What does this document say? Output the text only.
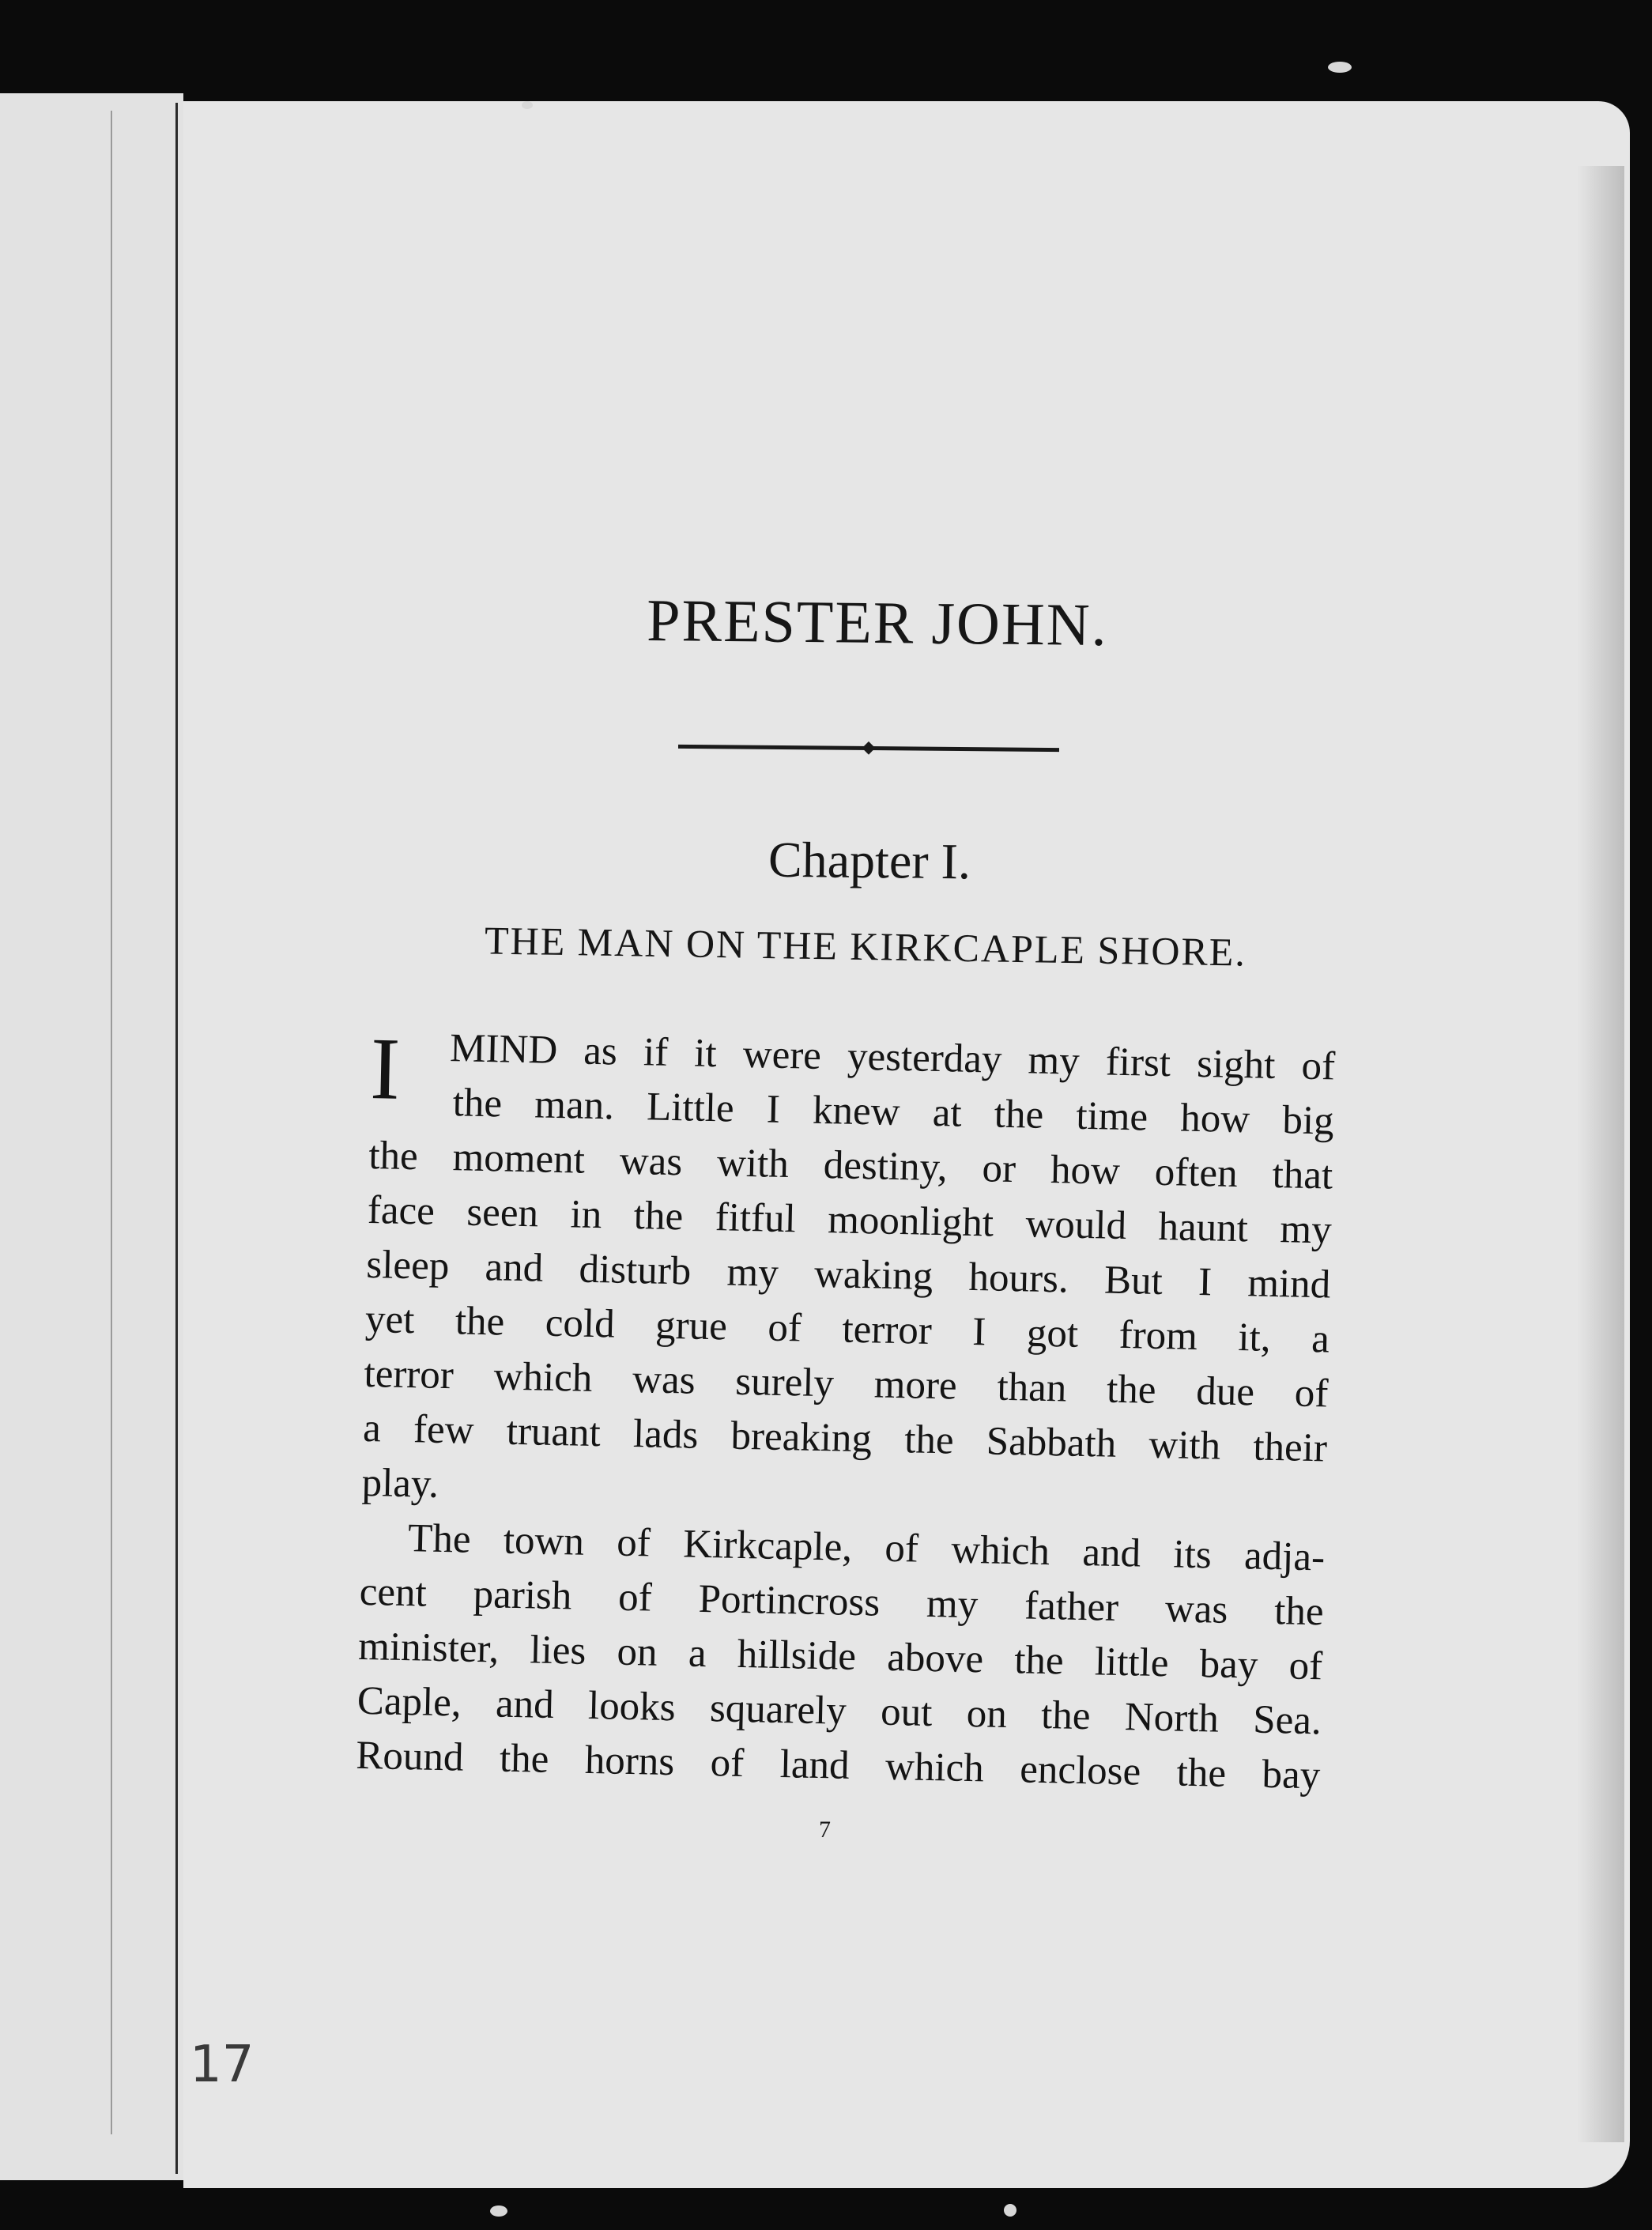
PRESTER JOHN.
◆
Chapter I.
THE MAN ON THE KIRKCAPLE SHORE.
I	MIND as if it were yesterday my first sight of
the man. Little I knew at the time how big
the moment was with destiny, or how often that
face seen in the fitful moonlight would haunt my
sleep and disturb my waking hours. But I mind
yet the cold grue of terror I got from it, a
terror which was surely more than the due of
a few truant lads breaking the Sabbath with their
play.
The town of Kirkcaple, of which and its adja-
cent parish of Portincross my father was the
minister, lies on a hillside above the little bay of
Caple, and looks squarely out on the North Sea.
Round the horns of land which enclose the bay
7
17
